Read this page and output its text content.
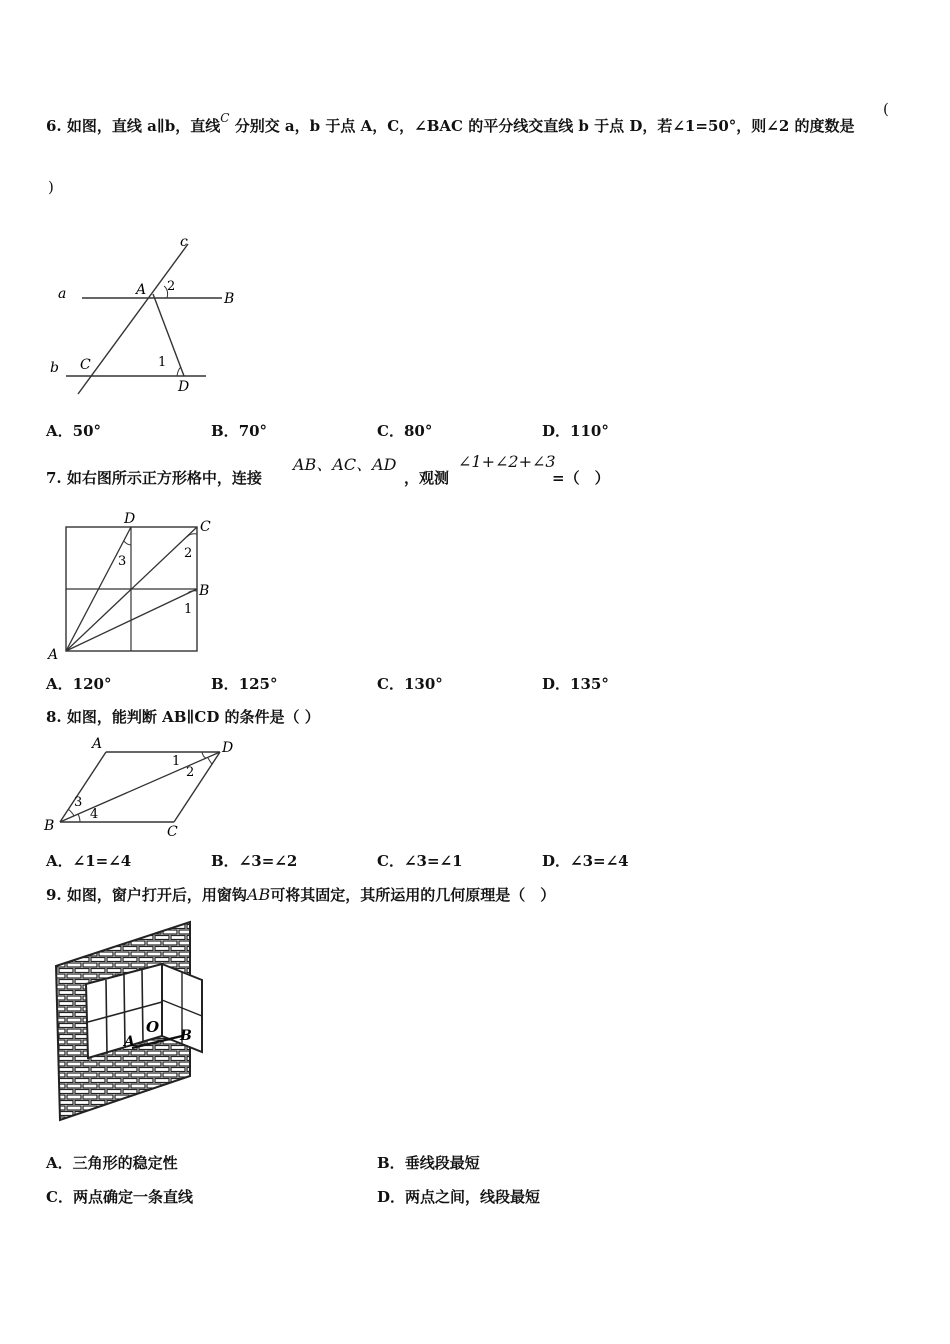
6. 如图，直线 a∥b，直线$^C$ 分别交 a，b 于点 A，C，∠BAC 的平分线交直线 b 于点 D，若∠1=50°，则∠2 的度数是
(
)
c
a	A 2
B
b C	1
D
A．50°	B．70°	C．80°	D．110°
7. 如右图所示正方形格中，连接
AB、AC、AD
，观测
∠1+∠2+∠3
=（　）
D	C
2
3
B
1
A
A．120°	B．125°	C．130°	D．135°
8. 如图，能判断 AB∥CD 的条件是（ ）
A	D
1
2
3
4
B	C
A．∠1=∠4	B．∠3=∠2	C．∠3=∠1	D．∠3=∠4
9. 如图，窗户打开后，用窗钩AB可将其固定，其所运用的几何原理是（　）
O
A	B
A．三角形的稳定性	B．垂线段最短
C．两点确定一条直线	D．两点之间，线段最短
